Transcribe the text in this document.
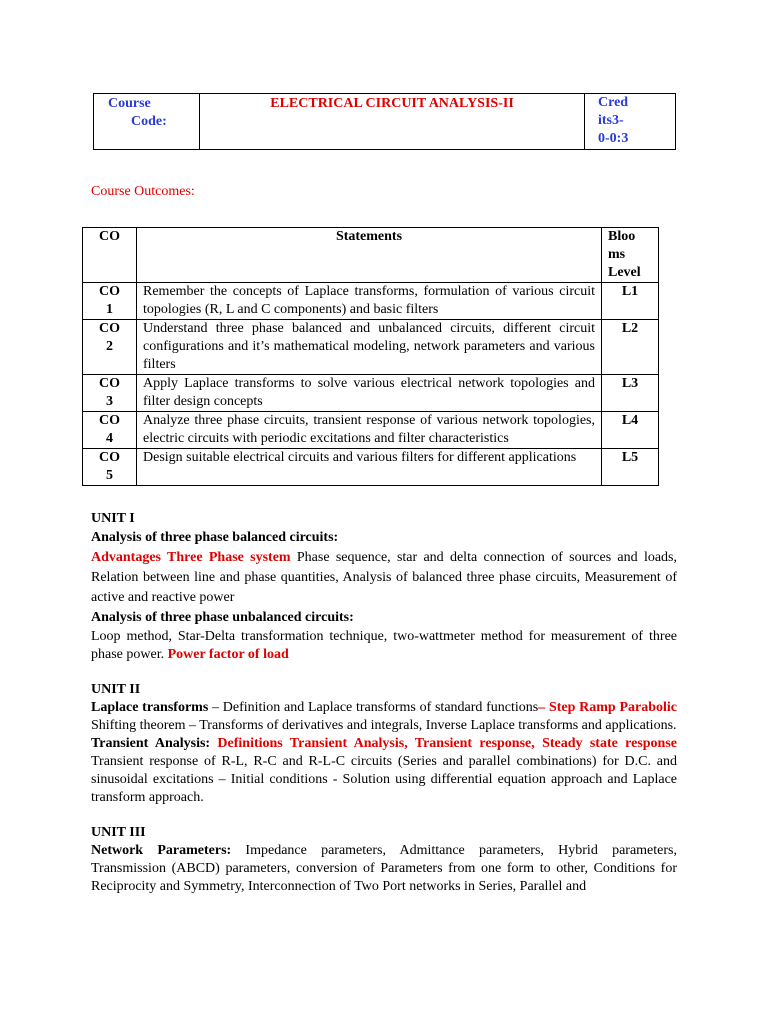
Course
Code:
	ELECTRICAL CIRCUIT ANALYSIS-II	Cred
its3-
0-0:3

Course Outcomes:

CO	Statements	Bloo
ms
Level

CO
1	Remember the concepts of Laplace transforms, formulation of various circuit topologies (R, L and C components) and basic filters	L1

CO
2	Understand three phase balanced and unbalanced circuits, different circuit configurations and it’s mathematical modeling, network parameters and various filters	L2

CO
3	Apply Laplace transforms to solve various electrical network topologies and filter design concepts	L3

CO
4	Analyze three phase circuits, transient response of various network topologies, electric circuits with periodic excitations and filter characteristics	L4

CO
5	Design suitable electrical circuits and various filters for different applications	L5

UNIT I

Analysis of three phase balanced circuits:

Advantages Three Phase system Phase sequence, star and delta connection of sources and loads, Relation between line and phase quantities, Analysis of balanced three phase circuits, Measurement of active and reactive power

Analysis of three phase unbalanced circuits:

Loop method, Star-Delta transformation technique, two-wattmeter method for measurement of three phase power. Power factor of load

UNIT II

Laplace transforms – Definition and Laplace transforms of standard functions– Step Ramp Parabolic Shifting theorem – Transforms of derivatives and integrals, Inverse Laplace transforms and applications.

Transient Analysis: Definitions Transient Analysis, Transient response, Steady state response Transient response of R-L, R-C and R-L-C circuits (Series and parallel combinations) for D.C. and sinusoidal excitations – Initial conditions - Solution using differential equation approach and Laplace transform approach.

UNIT III

Network Parameters: Impedance parameters, Admittance parameters, Hybrid parameters, Transmission (ABCD) parameters, conversion of Parameters from one form to other, Conditions for Reciprocity and Symmetry, Interconnection of Two Port networks in Series, Parallel and
